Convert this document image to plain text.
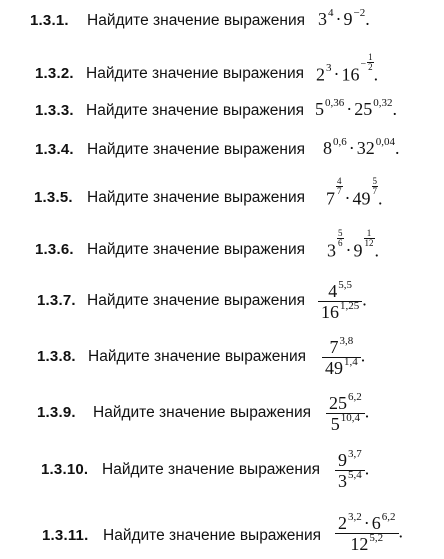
1.3.1. Найдите значение выражения $3^4 \cdot 9^{-2}$.
1.3.2. Найдите значение выражения $2^3 \cdot 16^- \frac{1}{2}$
.
1.3.3. Найдите значение выражения $5^{0,36} \cdot 25^{0,32}$.
1.3.4. Найдите значение выражения $8^{0,6} \cdot 32^{0,04}$.
1.3.5. Найдите значение выражения 7
$\frac{4}{7}$
· 49
$\frac{5}{7}$
.
1.3.6. Найдите значение выражения 3
$\frac{5}{6}$
· 9
$\frac{1}{12}$
.
1.3.7. Найдите значение выражения $\frac{4^{5,5}}{16^{1,25}}$ .
1.3.8. Найдите значение выражения $\frac{7^{3,8}}{49^{1,4}}$ .
1.3.9. Найдите значение выражения $\frac{25^{6,2}}{5^{10,4}}$ .
1.3.10. Найдите значение выражения $\frac{9^{3,7}}{3^{5,4}}$ .
1.3.11. Найдите значение выражения $\frac{2^{3,2} \cdot 6^{6,2}}{12^{5,2}}$ .
